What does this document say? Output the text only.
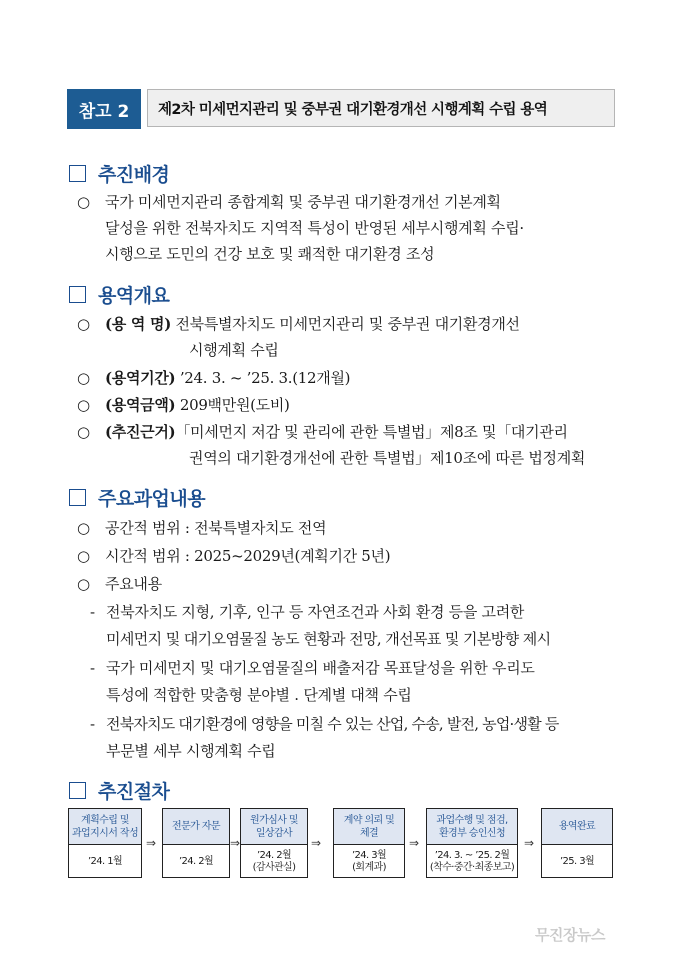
참고 2	제2차 미세먼지관리 및 중부권 대기환경개선 시행계획 수립 용역
추진배경
○ 국가 미세먼지관리 종합계획 및 중부권 대기환경개선 기본계획
달성을 위한 전북자치도 지역적 특성이 반영된 세부시행계획 수립·
시행으로 도민의 건강 보호 및 쾌적한 대기환경 조성
용역개요
○ (용 역 명) 전북특별자치도 미세먼지관리 및 중부권 대기환경개선
시행계획 수립
○ (용역기간) ’24. 3. ~ ’25. 3.(12개월)
○ (용역금액) 209백만원(도비)
○ (추진근거)「미세먼지 저감 및 관리에 관한 특별법」제8조 및「대기관리
권역의 대기환경개선에 관한 특별법」제10조에 따른 법정계획
주요과업내용
○ 공간적 범위 : 전북특별자치도 전역
○ 시간적 범위 : 2025~2029년(계획기간 5년)
○ 주요내용
- 전북자치도 지형, 기후, 인구 등 자연조건과 사회 환경 등을 고려한
미세먼지 및 대기오염물질 농도 현황과 전망, 개선목표 및 기본방향 제시
- 국가 미세먼지 및 대기오염물질의 배출저감 목표달성을 위한 우리도
특성에 적합한 맞춤형 분야별 ․ 단계별 대책 수립
- 전북자치도 대기환경에 영향을 미칠 수 있는 산업, 수송, 발전, 농업·생활 등
부문별 세부 시행계획 수립
추진절차
계획수립 및
과업지시서 작성
’24. 1월
⇒
전문가 자문
’24. 2월
⇒
원가심사 및
일상감사
’24. 2월
(감사관실)
⇒
계약 의뢰 및
체결
’24. 3월
(회계과)
⇒
과업수행 및 점검,
환경부 승인신청
’24. 3. ~ ’25. 2월
(착수·중간·최종보고)
⇒
용역완료
’25. 3월
무진장뉴스
